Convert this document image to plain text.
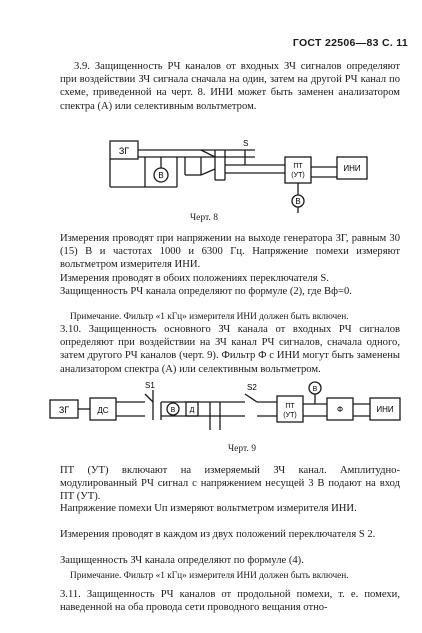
ГОСТ 22506—83 С. 11

3.9. Защищенность РЧ каналов от входных ЗЧ сигналов определяют при воздействии ЗЧ сигнала сначала на один, затем на другой РЧ канал по схеме, приведенной на черт. 8. ИНИ может быть заменен анализатором спектра (А) или селективным вольтметром.

ЗГ
В
S
ПТ
(УТ)
ИНИ
В
Черт. 8

Измерения проводят при напряжении на выходе генератора ЗГ, равным 30 (15) В и частотах 1000 и 6300 Гц. Напряжение помехи измеряют вольтметром измерителя ИНИ.

Измерения проводят в обоих положениях переключателя S.

Защищенность РЧ канала определяют по формуле (2), где Bф=0.

Примечание. Фильтр «1 кГц» измерителя ИНИ должен быть включен.

3.10. Защищенность основного ЗЧ канала от входных РЧ сигналов определяют при воздействии на ЗЧ канал РЧ сигналов, сначала одного, затем другого РЧ каналов (черт. 9). Фильтр Ф с ИНИ могут быть заменены анализатором спектра (А) или селективным вольтметром.

ЗГ	ДС
S1
В Д
S2
ПТ
(УТ)
В
Ф	ИНИ
Черт. 9

ПТ (УТ) включают на измеряемый ЗЧ канал. Амплитудно-модулированный РЧ сигнал с напряжением несущей 3 В подают на вход ПТ (УТ).

Напряжение помехи Uп измеряют вольтметром измерителя ИНИ.

Измерения проводят в каждом из двух положений переключателя S 2.

Защищенность ЗЧ канала определяют по формуле (4).

Примечание. Фильтр «1 кГц» измерителя ИНИ должен быть включен.

3.11. Защищенность РЧ каналов от продольной помехи, т. е. помехи, наведенной на оба провода сети проводного вещания отно-
